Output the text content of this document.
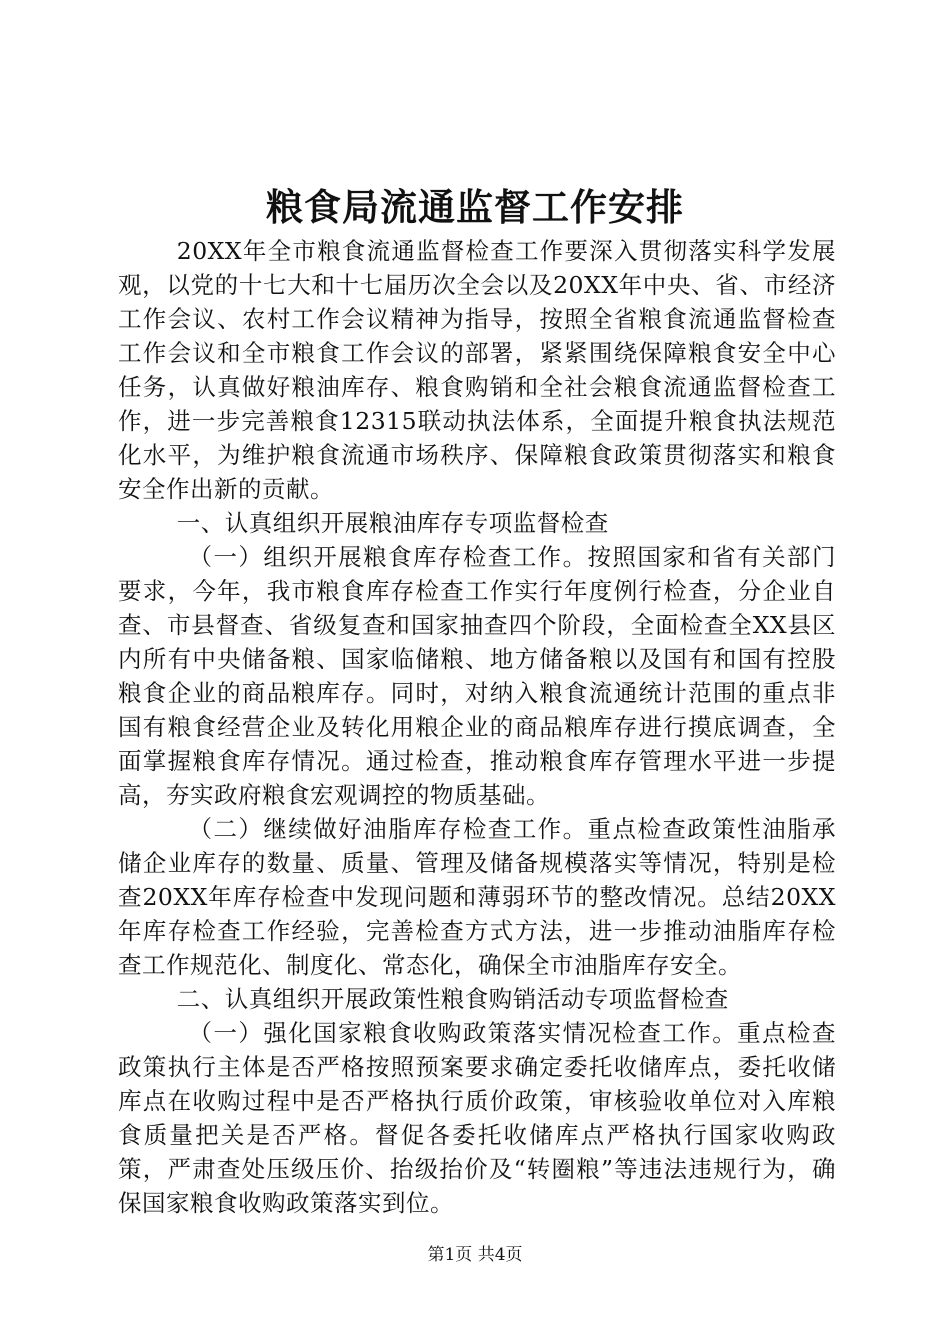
粮食局流通监督工作安排

20XX年全市粮食流通监督检查工作要深入贯彻落实科学发展观，以党的十七大和十七届历次全会以及20XX年中央、省、市经济工作会议、农村工作会议精神为指导，按照全省粮食流通监督检查工作会议和全市粮食工作会议的部署，紧紧围绕保障粮食安全中心任务，认真做好粮油库存、粮食购销和全社会粮食流通监督检查工作，进一步完善粮食12315联动执法体系，全面提升粮食执法规范化水平，为维护粮食流通市场秩序、保障粮食政策贯彻落实和粮食安全作出新的贡献。

一、认真组织开展粮油库存专项监督检查

（一）组织开展粮食库存检查工作。按照国家和省有关部门要求，今年，我市粮食库存检查工作实行年度例行检查，分企业自查、市县督查、省级复查和国家抽查四个阶段，全面检查全XX县区内所有中央储备粮、国家临储粮、地方储备粮以及国有和国有控股粮食企业的商品粮库存。同时，对纳入粮食流通统计范围的重点非国有粮食经营企业及转化用粮企业的商品粮库存进行摸底调查，全面掌握粮食库存情况。通过检查，推动粮食库存管理水平进一步提高，夯实政府粮食宏观调控的物质基础。

（二）继续做好油脂库存检查工作。重点检查政策性油脂承储企业库存的数量、质量、管理及储备规模落实等情况，特别是检查20XX年库存检查中发现问题和薄弱环节的整改情况。总结20XX年库存检查工作经验，完善检查方式方法，进一步推动油脂库存检查工作规范化、制度化、常态化，确保全市油脂库存安全。

二、认真组织开展政策性粮食购销活动专项监督检查

（一）强化国家粮食收购政策落实情况检查工作。重点检查政策执行主体是否严格按照预案要求确定委托收储库点，委托收储库点在收购过程中是否严格执行质价政策，审核验收单位对入库粮食质量把关是否严格。督促各委托收储库点严格执行国家收购政策，严肃查处压级压价、抬级抬价及“转圈粮”等违法违规行为，确保国家粮食收购政策落实到位。

第1页 共4页
